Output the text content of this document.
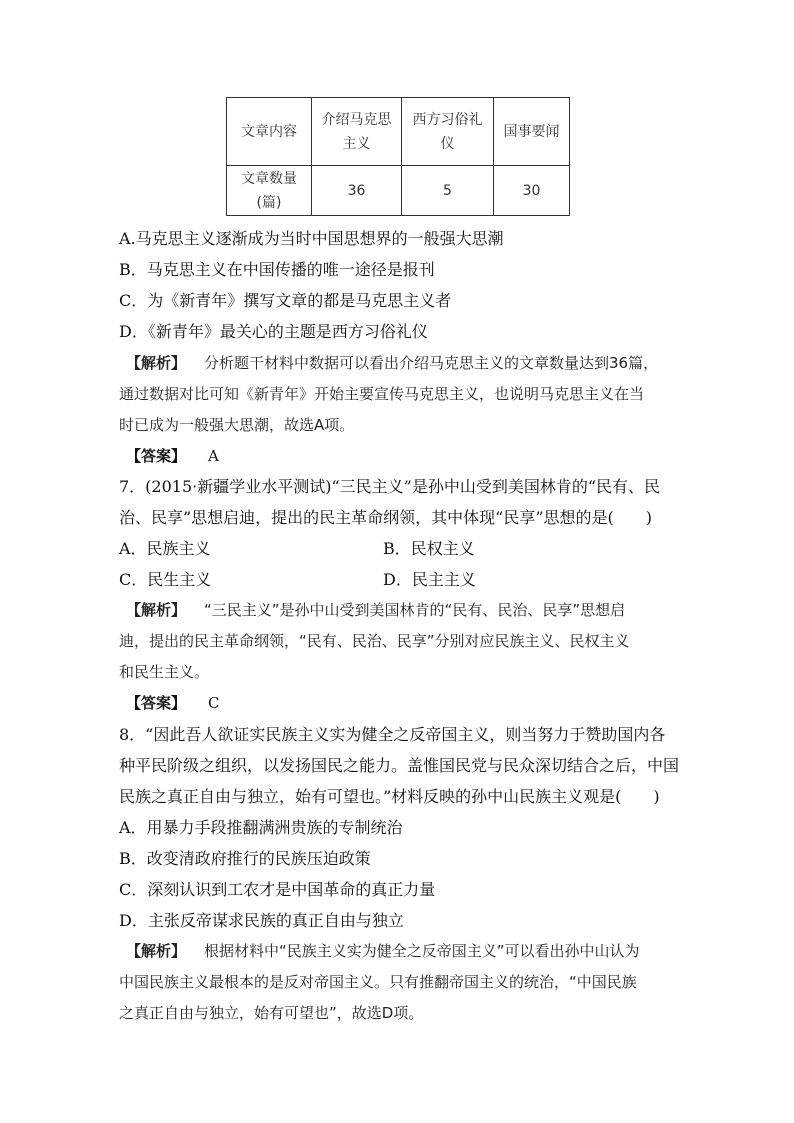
文章内容	介绍马克思主义	西方习俗礼仪	国事要闻
文章数量(篇)	36	5	30
A.马克思主义逐渐成为当时中国思想界的一般强大思潮
B．马克思主义在中国传播的唯一途径是报刊
C．为《新青年》撰写文章的都是马克思主义者
D．《新青年》最关心的主题是西方习俗礼仪
【解析】 分析题干材料中数据可以看出介绍马克思主义的文章数量达到36篇，
通过数据对比可知《新青年》开始主要宣传马克思主义，也说明马克思主义在当
时已成为一般强大思潮，故选A项。
【答案】 A
7．(2015·新疆学业水平测试)“三民主义”是孙中山受到美国林肯的“民有、民
治、民享”思想启迪，提出的民主革命纲领，其中体现“民享”思想的是(　　)
A．民族主义	B．民权主义
C．民生主义	D．民主主义
【解析】 “三民主义”是孙中山受到美国林肯的“民有、民治、民享”思想启
迪，提出的民主革命纲领，“民有、民治、民享”分别对应民族主义、民权主义
和民生主义。
【答案】 C
8．“因此吾人欲证实民族主义实为健全之反帝国主义，则当努力于赞助国内各
种平民阶级之组织，以发扬国民之能力。盖惟国民党与民众深切结合之后，中国
民族之真正自由与独立，始有可望也。”材料反映的孙中山民族主义观是(　　)
A．用暴力手段推翻满洲贵族的专制统治
B．改变清政府推行的民族压迫政策
C．深刻认识到工农才是中国革命的真正力量
D．主张反帝谋求民族的真正自由与独立
【解析】 根据材料中“民族主义实为健全之反帝国主义”可以看出孙中山认为
中国民族主义最根本的是反对帝国主义。只有推翻帝国主义的统治，“中国民族
之真正自由与独立，始有可望也”，故选D项。
